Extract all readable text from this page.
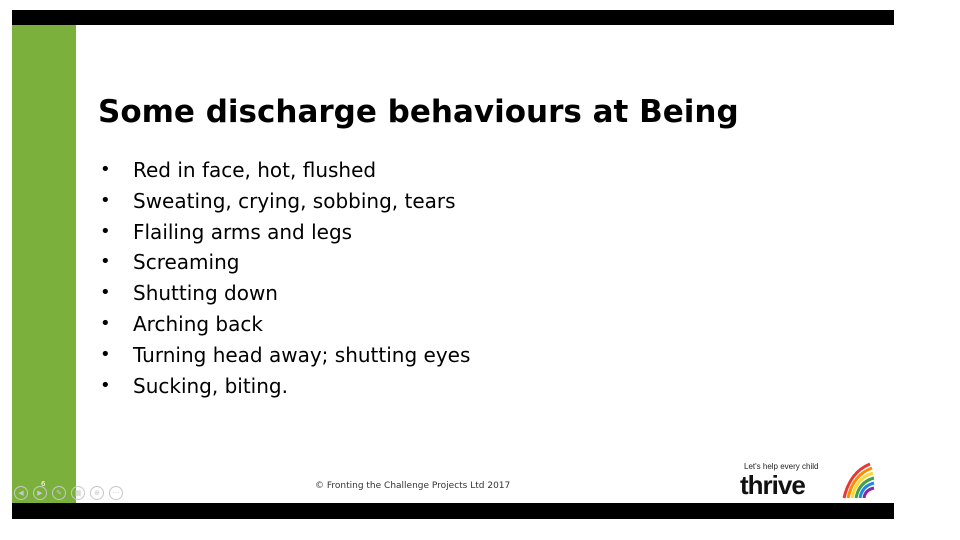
Some discharge behaviours at Being
•	Red in face, hot, flushed
•	Sweating, crying, sobbing, tears
•	Flailing arms and legs
•	Screaming
•	Shutting down
•	Arching back
•	Turning head away; shutting eyes
•	Sucking, biting.
6
◀	▶	✎	▦	⊕	···
© Fronting the Challenge Projects Ltd 2017
Let's help every child
thrive
